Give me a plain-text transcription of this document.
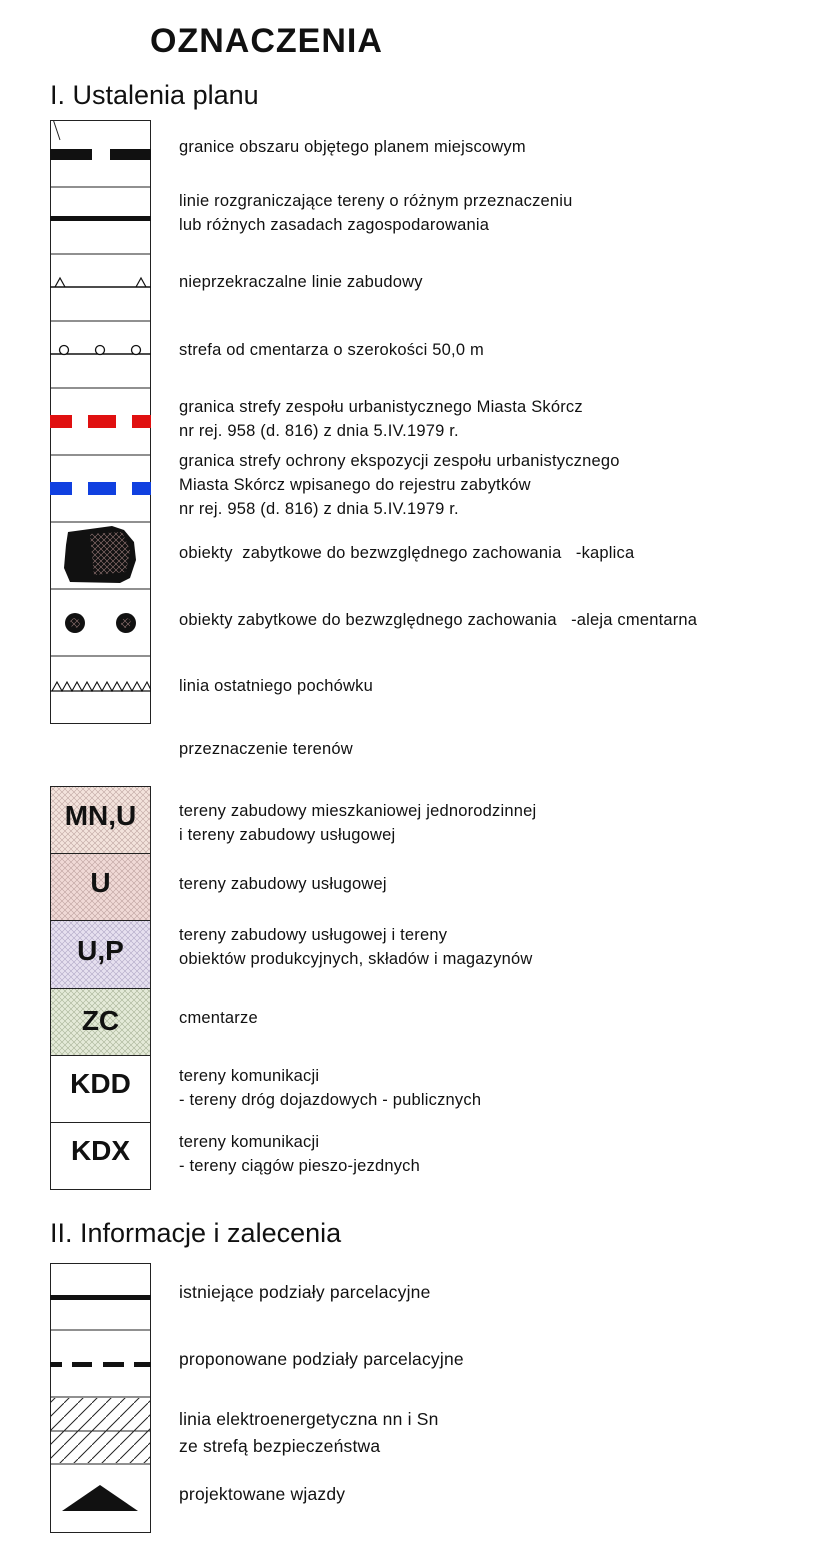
OZNACZENIA
I. Ustalenia planu
granice obszaru objętego planem miejscowym
linie rozgraniczające tereny o różnym przeznaczeniu
lub różnych zasadach zagospodarowania
nieprzekraczalne linie zabudowy
strefa od cmentarza o szerokości 50,0 m
granica strefy zespołu urbanistycznego Miasta Skórcz
nr rej. 958 (d. 816) z dnia 5.IV.1979 r.
granica strefy ochrony ekspozycji zespołu urbanistycznego
Miasta Skórcz wpisanego do rejestru zabytków
nr rej. 958 (d. 816) z dnia 5.IV.1979 r.
obiekty  zabytkowe do bezwzględnego zachowania   -kaplica
obiekty zabytkowe do bezwzględnego zachowania   -aleja cmentarna
linia ostatniego pochówku
przeznaczenie terenów
MN,U
U
U,P
ZC
KDD
KDX
tereny zabudowy mieszkaniowej jednorodzinnej
i tereny zabudowy usługowej
tereny zabudowy usługowej
tereny zabudowy usługowej i tereny
obiektów produkcyjnych, składów i magazynów
cmentarze
tereny komunikacji
- tereny dróg dojazdowych - publicznych
tereny komunikacji
- tereny ciągów pieszo-jezdnych
II. Informacje i zalecenia
istniejące podziały parcelacyjne
proponowane podziały parcelacyjne
linia elektroenergetyczna nn i Sn
ze strefą bezpieczeństwa
projektowane wjazdy
